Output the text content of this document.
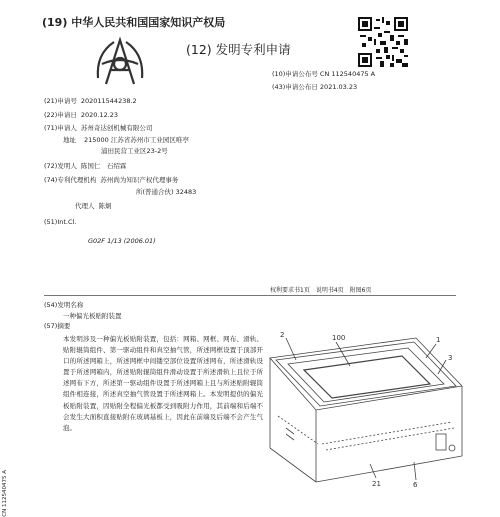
(19) 中华人民共和国国家知识产权局
(12) 发明专利申请
(10)申请公布号 CN 112540475 A
(43)申请公布日 2021.03.23
(21) 申请号 202011544238.2
(22) 申请日 2020.12.23
(71) 申请人 苏州奇达创机械有限公司
地址 215000 江苏省苏州市工业园区唯亭
浦田民营工业区23-2号
(72) 发明人 陈国仁　石绍霖
(74) 专利代理机构 苏州尚为知识产权代理事务
所(普通合伙) 32483
代理人 陈炯
(51) Int.Cl.
G02F 1/13 (2006.01)
权利要求书1页　说明书4页　附图6页
(54)发明名称
一种偏光板贴附装置
(57)摘要
本发明涉及一种偏光板贴附装置，包括：网箱、网框、网布、滑轨、贴附辊筒组件、第一驱动组件和真空抽气管，所述网框设置于顶部开口的所述网箱上，所述网框中间镂空部位设置所述网布，所述滑轨设置于所述网箱内，所述贴附辊筒组件滑动设置于所述滑轨上且位于所述网布下方，所述第一驱动组件设置于所述网箱上且与所述贴附辊筒组件相连接，所述真空抽气管设置于所述网箱上。本发明提供的偏光板贴附装置，因贴附全程偏光板都受到吸附力作用，其前端和后端不会发生大面积直接贴附在玻璃基板上，因此在前端及后端不会产生气泡。
2	100	1
3
21	6
CN 112540475 A
